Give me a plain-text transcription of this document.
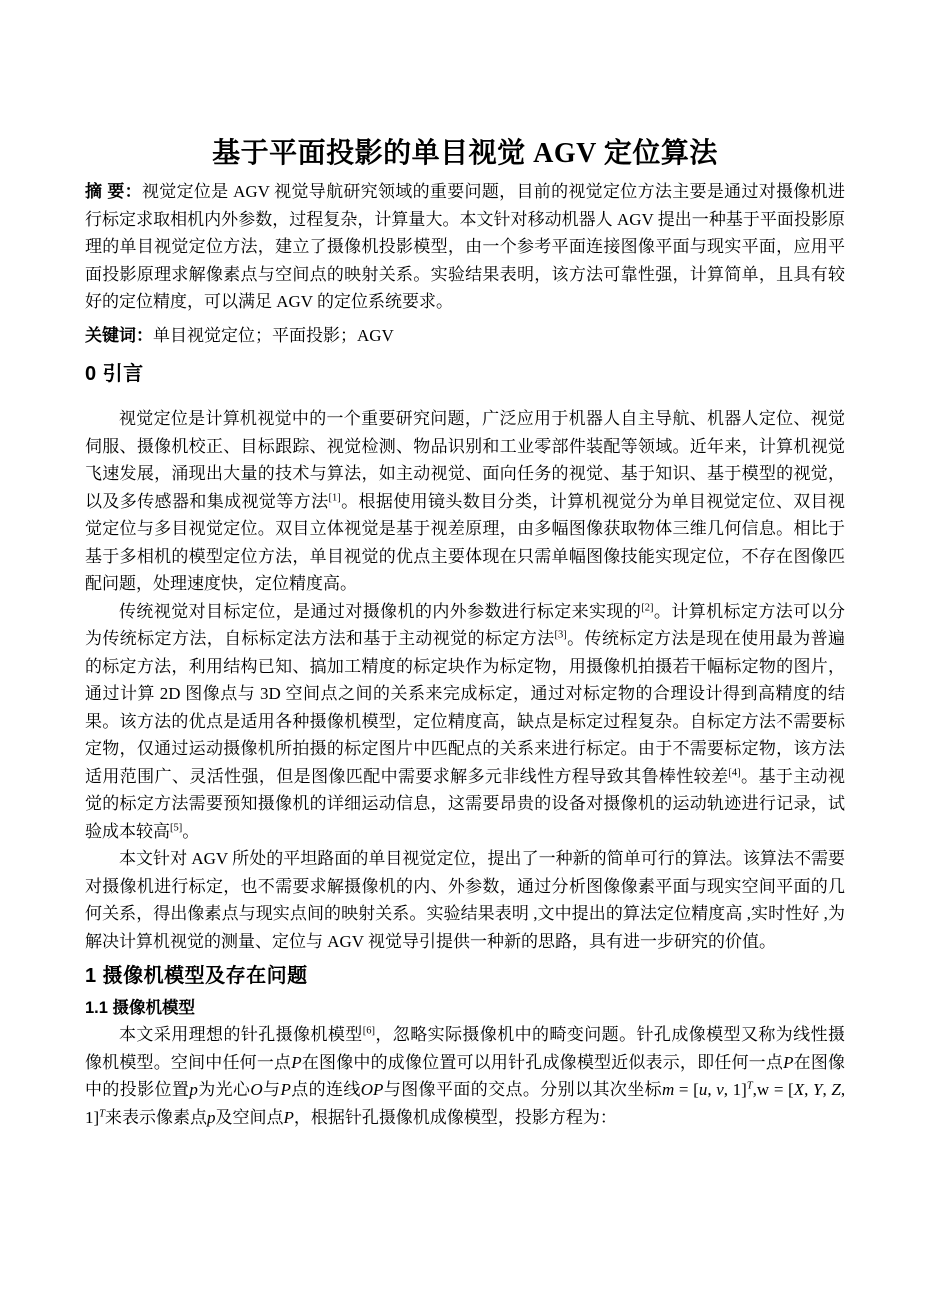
基于平面投影的单目视觉 AGV 定位算法

摘 要：视觉定位是 AGV 视觉导航研究领域的重要问题，目前的视觉定位方法主要是通过对摄像机进行标定求取相机内外参数，过程复杂，计算量大。本文针对移动机器人 AGV 提出一种基于平面投影原理的单目视觉定位方法，建立了摄像机投影模型，由一个参考平面连接图像平面与现实平面，应用平面投影原理求解像素点与空间点的映射关系。实验结果表明，该方法可靠性强，计算简单，且具有较好的定位精度，可以满足 AGV 的定位系统要求。

关键词：单目视觉定位；平面投影；AGV

0 引言

视觉定位是计算机视觉中的一个重要研究问题，广泛应用于机器人自主导航、机器人定位、视觉伺服、摄像机校正、目标跟踪、视觉检测、物品识别和工业零部件装配等领域。近年来，计算机视觉飞速发展，涌现出大量的技术与算法，如主动视觉、面向任务的视觉、基于知识、基于模型的视觉，以及多传感器和集成视觉等方法[1]。根据使用镜头数目分类，计算机视觉分为单目视觉定位、双目视觉定位与多目视觉定位。双目立体视觉是基于视差原理，由多幅图像获取物体三维几何信息。相比于基于多相机的模型定位方法，单目视觉的优点主要体现在只需单幅图像技能实现定位，不存在图像匹配问题，处理速度快，定位精度高。

传统视觉对目标定位，是通过对摄像机的内外参数进行标定来实现的[2]。计算机标定方法可以分为传统标定方法，自标标定法方法和基于主动视觉的标定方法[3]。传统标定方法是现在使用最为普遍的标定方法，利用结构已知、搞加工精度的标定块作为标定物，用摄像机拍摄若干幅标定物的图片，通过计算 2D 图像点与 3D 空间点之间的关系来完成标定，通过对标定物的合理设计得到高精度的结果。该方法的优点是适用各种摄像机模型，定位精度高，缺点是标定过程复杂。自标定方法不需要标定物，仅通过运动摄像机所拍摄的标定图片中匹配点的关系来进行标定。由于不需要标定物，该方法适用范围广、灵活性强，但是图像匹配中需要求解多元非线性方程导致其鲁棒性较差[4]。基于主动视觉的标定方法需要预知摄像机的详细运动信息，这需要昂贵的设备对摄像机的运动轨迹进行记录，试验成本较高[5]。

本文针对 AGV 所处的平坦路面的单目视觉定位，提出了一种新的简单可行的算法。该算法不需要对摄像机进行标定，也不需要求解摄像机的内、外参数，通过分析图像像素平面与现实空间平面的几何关系，得出像素点与现实点间的映射关系。实验结果表明 ,文中提出的算法定位精度高 ,实时性好 ,为解决计算机视觉的测量、定位与 AGV 视觉导引提供一种新的思路，具有进一步研究的价值。

1 摄像机模型及存在问题
1.1 摄像机模型

本文采用理想的针孔摄像机模型[6]，忽略实际摄像机中的畸变问题。针孔成像模型又称为线性摄像机模型。空间中任何一点P在图像中的成像位置可以用针孔成像模型近似表示，即任何一点P在图像中的投影位置p为光心O与P点的连线OP与图像平面的交点。分别以其次坐标m = [u, v, 1]$^T$,w = [X, Y, Z, 1]$^T$来表示像素点p及空间点P，根据针孔摄像机成像模型，投影方程为：
